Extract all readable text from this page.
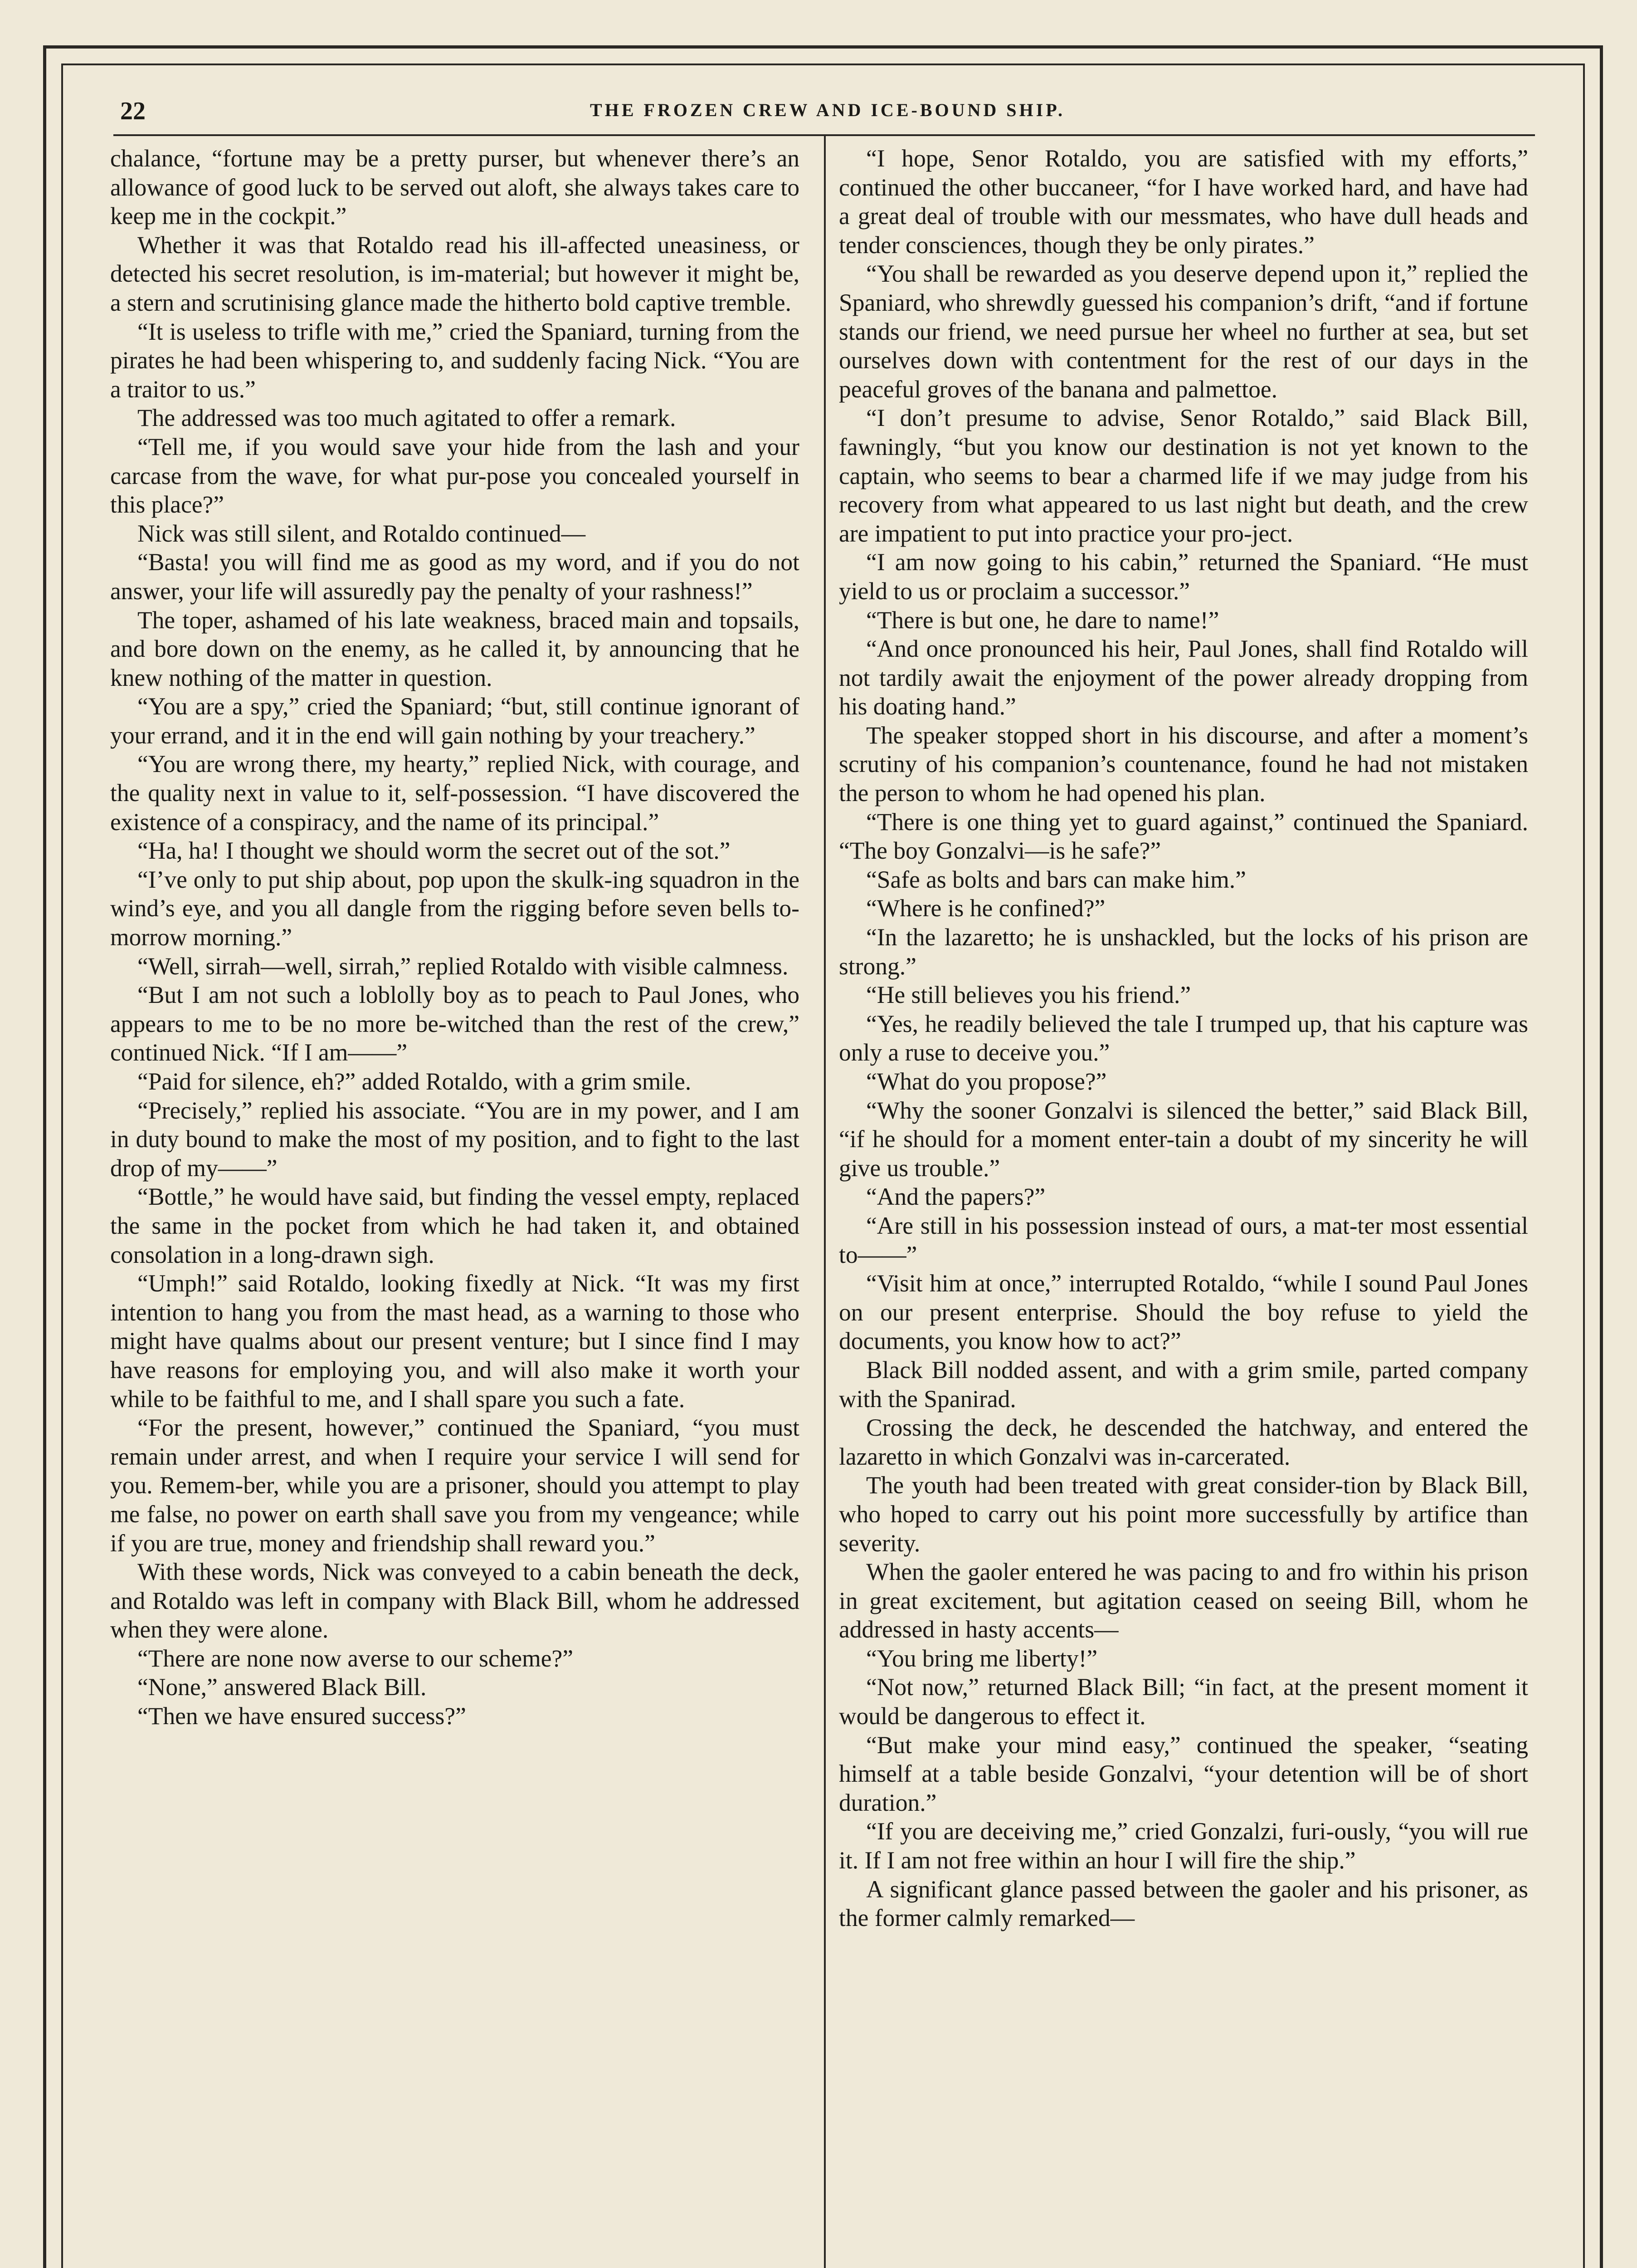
22	THE FROZEN CREW AND ICE-BOUND SHIP.

chalance, “fortune may be a pretty purser, but whenever there’s an allowance of good luck to be served out aloft, she always takes care to keep me in the cockpit.”

Whether it was that Rotaldo read his ill-affected uneasiness, or detected his secret resolution, is im-material; but however it might be, a stern and scrutinising glance made the hitherto bold captive tremble.

“It is useless to trifle with me,” cried the Spaniard, turning from the pirates he had been whispering to, and suddenly facing Nick. “You are a traitor to us.”

The addressed was too much agitated to offer a remark.

“Tell me, if you would save your hide from the lash and your carcase from the wave, for what pur-pose you concealed yourself in this place?”

Nick was still silent, and Rotaldo continued—

“Basta! you will find me as good as my word, and if you do not answer, your life will assuredly pay the penalty of your rashness!”

The toper, ashamed of his late weakness, braced main and topsails, and bore down on the enemy, as he called it, by announcing that he knew nothing of the matter in question.

“You are a spy,” cried the Spaniard; “but, still continue ignorant of your errand, and it in the end will gain nothing by your treachery.”

“You are wrong there, my hearty,” replied Nick, with courage, and the quality next in value to it, self-possession. “I have discovered the existence of a conspiracy, and the name of its principal.”

“Ha, ha! I thought we should worm the secret out of the sot.”

“I’ve only to put ship about, pop upon the skulk-ing squadron in the wind’s eye, and you all dangle from the rigging before seven bells to-morrow morning.”

“Well, sirrah—well, sirrah,” replied Rotaldo with visible calmness.

“But I am not such a loblolly boy as to peach to Paul Jones, who appears to me to be no more be-witched than the rest of the crew,” continued Nick. “If I am——”

“Paid for silence, eh?” added Rotaldo, with a grim smile.

“Precisely,” replied his associate. “You are in my power, and I am in duty bound to make the most of my position, and to fight to the last drop of my——”

“Bottle,” he would have said, but finding the vessel empty, replaced the same in the pocket from which he had taken it, and obtained consolation in a long-drawn sigh.

“Umph!” said Rotaldo, looking fixedly at Nick. “It was my first intention to hang you from the mast head, as a warning to those who might have qualms about our present venture; but I since find I may have reasons for employing you, and will also make it worth your while to be faithful to me, and I shall spare you such a fate.

“For the present, however,” continued the Spaniard, “you must remain under arrest, and when I require your service I will send for you. Remem-ber, while you are a prisoner, should you attempt to play me false, no power on earth shall save you from my vengeance; while if you are true, money and friendship shall reward you.”

With these words, Nick was conveyed to a cabin beneath the deck, and Rotaldo was left in company with Black Bill, whom he addressed when they were alone.

“There are none now averse to our scheme?”

“None,” answered Black Bill.

“Then we have ensured success?”

“I hope, Senor Rotaldo, you are satisfied with my efforts,” continued the other buccaneer, “for I have worked hard, and have had a great deal of trouble with our messmates, who have dull heads and tender consciences, though they be only pirates.”

“You shall be rewarded as you deserve depend upon it,” replied the Spaniard, who shrewdly guessed his companion’s drift, “and if fortune stands our friend, we need pursue her wheel no further at sea, but set ourselves down with contentment for the rest of our days in the peaceful groves of the banana and palmettoe.

“I don’t presume to advise, Senor Rotaldo,” said Black Bill, fawningly, “but you know our destination is not yet known to the captain, who seems to bear a charmed life if we may judge from his recovery from what appeared to us last night but death, and the crew are impatient to put into practice your pro-ject.

“I am now going to his cabin,” returned the Spaniard. “He must yield to us or proclaim a successor.”

“There is but one, he dare to name!”

“And once pronounced his heir, Paul Jones, shall find Rotaldo will not tardily await the enjoyment of the power already dropping from his doating hand.”

The speaker stopped short in his discourse, and after a moment’s scrutiny of his companion’s countenance, found he had not mistaken the person to whom he had opened his plan.

“There is one thing yet to guard against,” continued the Spaniard. “The boy Gonzalvi—is he safe?”

“Safe as bolts and bars can make him.”

“Where is he confined?”

“In the lazaretto; he is unshackled, but the locks of his prison are strong.”

“He still believes you his friend.”

“Yes, he readily believed the tale I trumped up, that his capture was only a ruse to deceive you.”

“What do you propose?”

“Why the sooner Gonzalvi is silenced the better,” said Black Bill, “if he should for a moment enter-tain a doubt of my sincerity he will give us trouble.”

“And the papers?”

“Are still in his possession instead of ours, a mat-ter most essential to——”

“Visit him at once,” interrupted Rotaldo, “while I sound Paul Jones on our present enterprise. Should the boy refuse to yield the documents, you know how to act?”

Black Bill nodded assent, and with a grim smile, parted company with the Spanirad.

Crossing the deck, he descended the hatchway, and entered the lazaretto in which Gonzalvi was in-carcerated.

The youth had been treated with great consider-tion by Black Bill, who hoped to carry out his point more successfully by artifice than severity.

When the gaoler entered he was pacing to and fro within his prison in great excitement, but agitation ceased on seeing Bill, whom he addressed in hasty accents—

“You bring me liberty!”

“Not now,” returned Black Bill; “in fact, at the present moment it would be dangerous to effect it.

“But make your mind easy,” continued the speaker, “seating himself at a table beside Gonzalvi, “your detention will be of short duration.”

“If you are deceiving me,” cried Gonzalzi, furi-ously, “you will rue it. If I am not free within an hour I will fire the ship.”

A significant glance passed between the gaoler and his prisoner, as the former calmly remarked—
